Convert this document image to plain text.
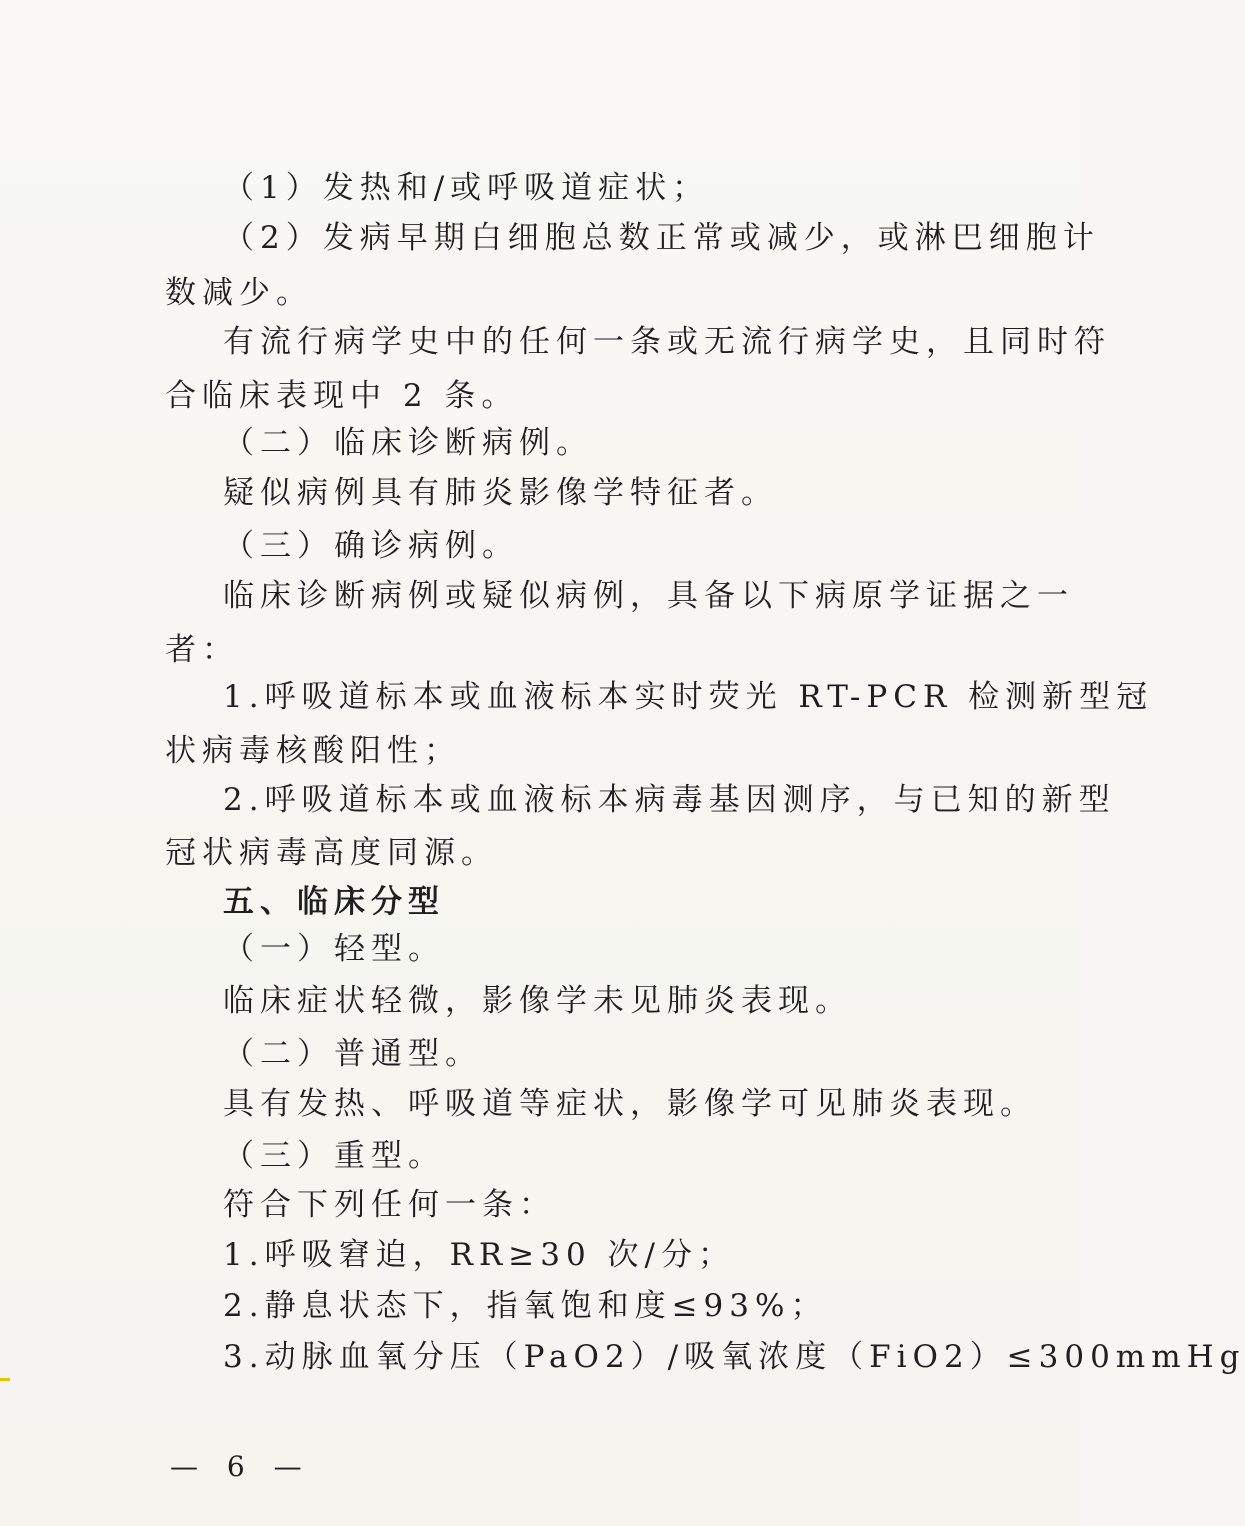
（1）发热和/或呼吸道症状；
（2）发病早期白细胞总数正常或减少，或淋巴细胞计
数减少。
有流行病学史中的任何一条或无流行病学史，且同时符
合临床表现中 2 条。
（二）临床诊断病例。
疑似病例具有肺炎影像学特征者。
（三）确诊病例。
临床诊断病例或疑似病例，具备以下病原学证据之一
者：
1.呼吸道标本或血液标本实时荧光 RT-PCR 检测新型冠
状病毒核酸阳性；
2.呼吸道标本或血液标本病毒基因测序，与已知的新型
冠状病毒高度同源。
五、临床分型
（一）轻型。
临床症状轻微，影像学未见肺炎表现。
（二）普通型。
具有发热、呼吸道等症状，影像学可见肺炎表现。
（三）重型。
符合下列任何一条：
1.呼吸窘迫，RR≥30 次/分；
2.静息状态下，指氧饱和度≤93%；
3.动脉血氧分压（PaO2）/吸氧浓度（FiO2）≤300mmHg
— 6 —
